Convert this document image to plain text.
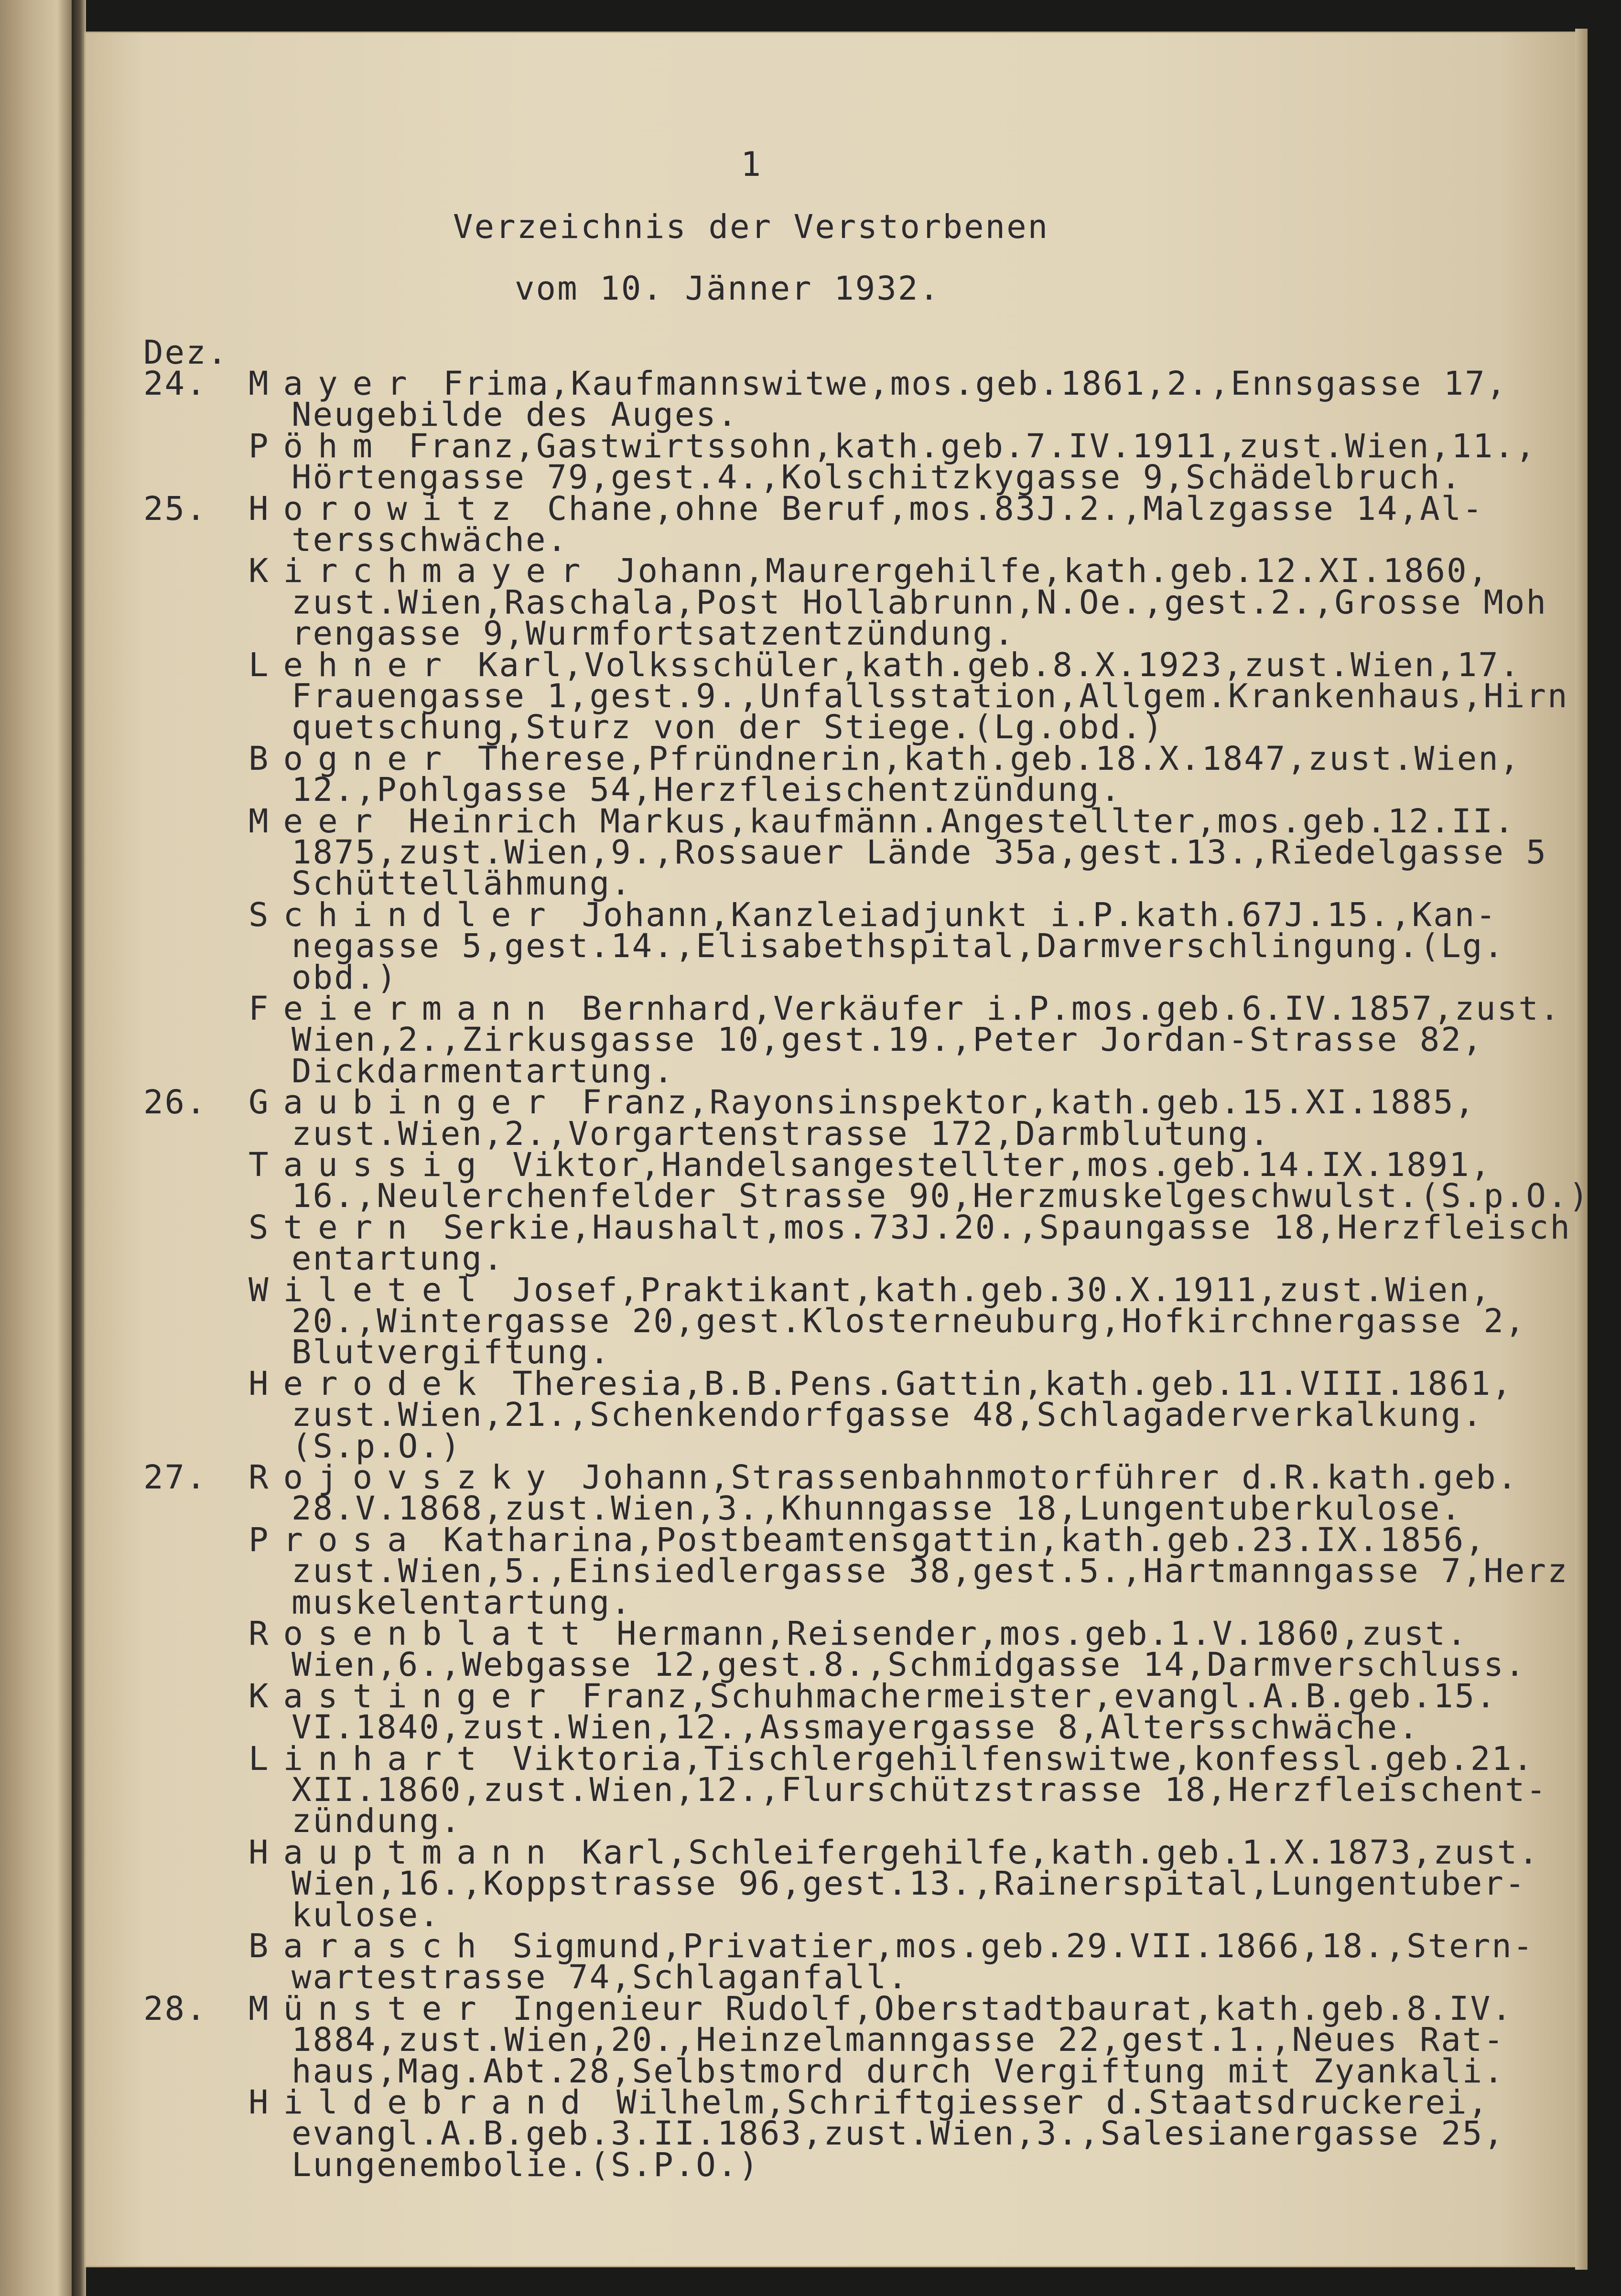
1

Verzeichnis der Verstorbenen

vom 10. Jänner 1932.

Dez.

24. Mayer Frima,Kaufmannswitwe,mos.geb.1861,2.,Ennsgasse 17,
Neugebilde des Auges.
Pöhm Franz,Gastwirtssohn,kath.geb.7.IV.1911,zust.Wien,11.,
Hörtengasse 79,gest.4.,Kolschitzkygasse 9,Schädelbruch.
25. Horowitz Chane,ohne Beruf,mos.83J.2.,Malzgasse 14,Al-
tersschwäche.
Kirchmayer Johann,Maurergehilfe,kath.geb.12.XI.1860,
zust.Wien,Raschala,Post Hollabrunn,N.Oe.,gest.2.,Grosse Moh
rengasse 9,Wurmfortsatzentzündung.
Lehner Karl,Volksschüler,kath.geb.8.X.1923,zust.Wien,17.
Frauengasse 1,gest.9.,Unfallsstation,Allgem.Krankenhaus,Hirn
quetschung,Sturz von der Stiege.(Lg.obd.)
Bogner Therese,Pfründnerin,kath.geb.18.X.1847,zust.Wien,
12.,Pohlgasse 54,Herzfleischentzündung.
Meer Heinrich Markus,kaufmänn.Angestellter,mos.geb.12.II.
1875,zust.Wien,9.,Rossauer Lände 35a,gest.13.,Riedelgasse 5
Schüttellähmung.
Schindler Johann,Kanzleiadjunkt i.P.kath.67J.15.,Kan-
negasse 5,gest.14.,Elisabethspital,Darmverschlingung.(Lg.
obd.)
Feiermann Bernhard,Verkäufer i.P.mos.geb.6.IV.1857,zust.
Wien,2.,Zirkusgasse 10,gest.19.,Peter Jordan-Strasse 82,
Dickdarmentartung.
26. Gaubinger Franz,Rayonsinspektor,kath.geb.15.XI.1885,
zust.Wien,2.,Vorgartenstrasse 172,Darmblutung.
Taussig Viktor,Handelsangestellter,mos.geb.14.IX.1891,
16.,Neulerchenfelder Strasse 90,Herzmuskelgeschwulst.(S.p.O.)
Stern Serkie,Haushalt,mos.73J.20.,Spaungasse 18,Herzfleisch
entartung.
Wiletel Josef,Praktikant,kath.geb.30.X.1911,zust.Wien,
20.,Wintergasse 20,gest.Klosterneuburg,Hofkirchnergasse 2,
Blutvergiftung.
Herodek Theresia,B.B.Pens.Gattin,kath.geb.11.VIII.1861,
zust.Wien,21.,Schenkendorfgasse 48,Schlagaderverkalkung.
(S.p.O.)
27. Rojovszky Johann,Strassenbahnmotorführer d.R.kath.geb.
28.V.1868,zust.Wien,3.,Khunngasse 18,Lungentuberkulose.
Prosa Katharina,Postbeamtensgattin,kath.geb.23.IX.1856,
zust.Wien,5.,Einsiedlergasse 38,gest.5.,Hartmanngasse 7,Herz
muskelentartung.
Rosenblatt Hermann,Reisender,mos.geb.1.V.1860,zust.
Wien,6.,Webgasse 12,gest.8.,Schmidgasse 14,Darmverschluss.
Kastinger Franz,Schuhmachermeister,evangl.A.B.geb.15.
VI.1840,zust.Wien,12.,Assmayergasse 8,Altersschwäche.
Linhart Viktoria,Tischlergehilfenswitwe,konfessl.geb.21.
XII.1860,zust.Wien,12.,Flurschützstrasse 18,Herzfleischent-
zündung.
Hauptmann Karl,Schleifergehilfe,kath.geb.1.X.1873,zust.
Wien,16.,Koppstrasse 96,gest.13.,Rainerspital,Lungentuber-
kulose.
Barasch Sigmund,Privatier,mos.geb.29.VII.1866,18.,Stern-
wartestrasse 74,Schlaganfall.
28. Münster Ingenieur Rudolf,Oberstadtbaurat,kath.geb.8.IV.
1884,zust.Wien,20.,Heinzelmanngasse 22,gest.1.,Neues Rat-
haus,Mag.Abt.28,Selbstmord durch Vergiftung mit Zyankali.
Hildebrand Wilhelm,Schriftgiesser d.Staatsdruckerei,
evangl.A.B.geb.3.II.1863,zust.Wien,3.,Salesianergasse 25,
Lungenembolie.(S.P.O.)
